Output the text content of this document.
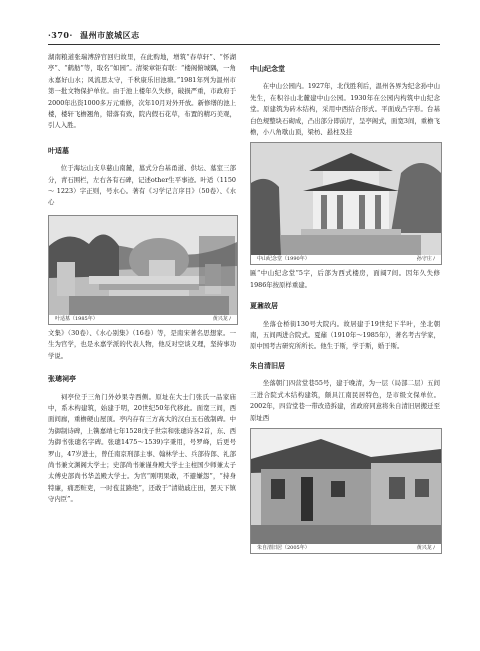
·370· 温州市旅城区志

湖南粮道张瑞溥辞官回归故里，在此购地，增筑“春草轩”、“怀湖亭”、“鹤舫”等，取名“如园”。清梁章钜有联：“楼阁俯城隅，一角永嘉好山水；风流思太守，千秋康乐旧池塘。”1981年列为温州市第一批文物保护单位。由于池上楼年久失修，破损严重，市政府于2000年出资1000多万元重修，次年10月对外开放。新修缮的池上楼，楼轩飞檐翘角，错落有致，院内假石花草，布置的精巧美观，引人入胜。

叶适墓

位于海坛山支阜慈山南麓，墓式分台基甬道、供坛、墓室三部分，青石围栏，左右各有石碑，记述other生平事迹。叶适（1150 ～ 1223）字正则，号水心。著有《习学记言序目》（50卷）、《水心

叶适墓（1985年）	黄兴龙 /

文集》（30卷）、《水心别集》（16卷）等，是南宋著名思想家。一生为官学，也是永嘉学派的代表人物，他反对空谈义理，坚持事功学说。

张璁祠亭

祠亭位于三角门外妙果寺西侧。原址在大士门张氏一品家庙中，系木构建筑，始建于明，20世纪50年代移此。面宽三间，西面间廊，重檐硬山屋顶。亭内存有三方高大的汉白玉石戗制碑。中为御制诗碑，上镌嘉靖七年1528戊子世宗和张璁诗各2首，东、西为御书张璁名字碑。张璁1475～1539)字秉用，号罗峰，后更号罗山，47岁进士，曾任南京刑部主事、翰林学士、兵部侍郎、礼部尚书兼文渊阁大学士；史部尚书兼谨身殿大学士主柱国少师兼太子太傅史部尚书华盖殿大学士。为官“刚明果敢，不避嫌怨”，“持身特廉，痛恶赃吏，一时苞苴路绝”，还敢于“清勋戚庄田，罢天下镇守内臣”。

中山纪念堂

在中山公园内。1927年，北伐胜利后，温州各界为纪念孙中山先生，在积谷山北麓建中山公园。1930年在公园内构筑中山纪念堂。原建筑为砖木结构，采用中西结合形式。平面成凸字形。台基白色规整块石砌成，凸出部分即前厅，呈亭阁式，面宽3间，重檐飞檐，小八角歇山顶，梁枋、悬柱及挂

中山纪念堂（1990年）	孙守庄 /

匾“中山纪念堂”5字，后部为西式楼房，面阔7间。因年久失修1986年按原样重建。

夏鼐故居

坐落仓桥街130号大院内。故居建于19世纪下半叶，坐北朝南，五间两进合院式。夏鼐（1910年～1985年），著名考古学家，原中国考古研究所所长。他生于斯，学于斯，婚于斯。

朱自清旧居

坐落朝门四营堂巷55号，建于晚清，为一层（局部二层）五间三进合院式木结构建筑，颇具江南民居特色，是市级文保单位。2002年，四营堂巷一带改造拆建，省政府同意将朱自清旧居搬迁至原址西

朱自清旧居（2005年）	黄兴龙 /
